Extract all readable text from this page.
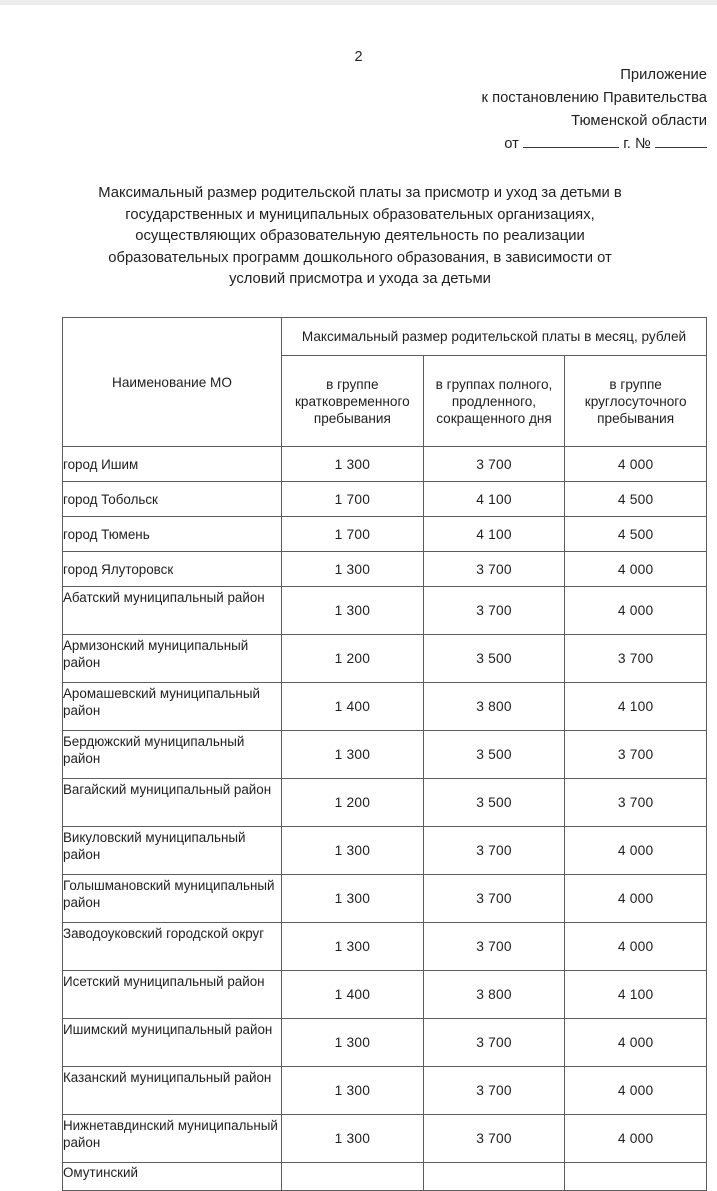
2
Приложение
к постановлению Правительства
Тюменской области
от	г. №
Максимальный размер родительской платы за присмотр и уход за детьми в
государственных и муниципальных образовательных организациях,
осуществляющих образовательную деятельность по реализации
образовательных программ дошкольного образования, в зависимости от
условий присмотра и ухода за детьми
Наименование МО	Максимальный размер родительской платы в месяц, рублей		
	в группе кратковременного пребывания	в группах полного, продленного, сокращенного дня	в группе круглосуточного пребывания
город Ишим	1 300	3 700	4 000
город Тобольск	1 700	4 100	4 500
город Тюмень	1 700	4 100	4 500
город Ялуторовск	1 300	3 700	4 000
Абатский муниципальный район	1 300	3 700	4 000
Армизонский муниципальный район	1 200	3 500	3 700
Аромашевский муниципальный район	1 400	3 800	4 100
Бердюжский муниципальный район	1 300	3 500	3 700
Вагайский муниципальный район	1 200	3 500	3 700
Викуловский муниципальный район	1 300	3 700	4 000
Голышмановский муниципальный район	1 300	3 700	4 000
Заводоуковский городской округ	1 300	3 700	4 000
Исетский муниципальный район	1 400	3 800	4 100
Ишимский муниципальный район	1 300	3 700	4 000
Казанский муниципальный район	1 300	3 700	4 000
Нижнетавдинский муниципальный район	1 300	3 700	4 000
Омутинский			
